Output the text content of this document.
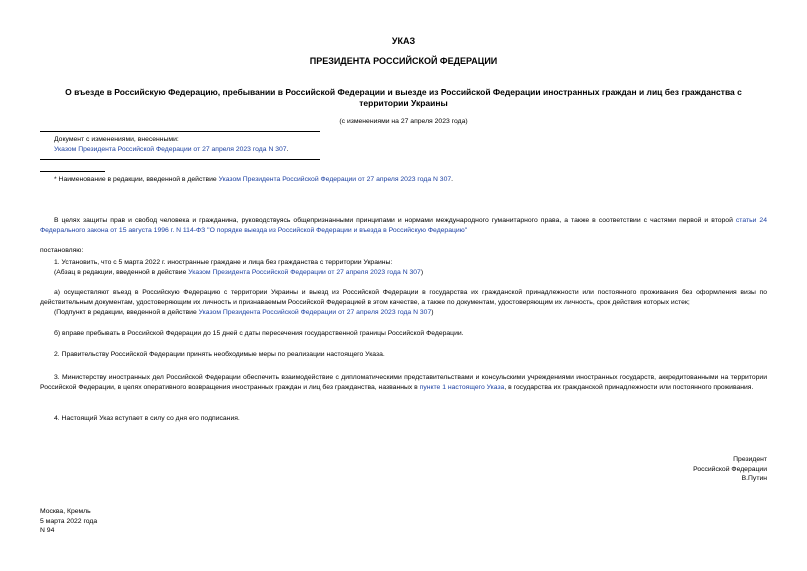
УКАЗ
ПРЕЗИДЕНТА РОССИЙСКОЙ ФЕДЕРАЦИИ
О въезде в Российскую Федерацию, пребывании в Российской Федерации и выезде из Российской Федерации иностранных граждан и лиц без гражданства с территории Украины
(с изменениями на 27 апреля 2023 года)
Документ с изменениями, внесенными:
Указом Президента Российской Федерации от 27 апреля 2023 года N 307.
* Наименование в редакции, введенной в действие Указом Президента Российской Федерации от 27 апреля 2023 года N 307.
В целях защиты прав и свобод человека и гражданина, руководствуясь общепризнанными принципами и нормами международного гуманитарного права, а также в соответствии с частями первой и второй статьи 24 Федерального закона от 15 августа 1996 г. N 114-ФЗ "О порядке выезда из Российской Федерации и въезда в Российскую Федерацию"
постановляю:
1. Установить, что с 5 марта 2022 г. иностранные граждане и лица без гражданства с территории Украины:
(Абзац в редакции, введенной в действие Указом Президента Российской Федерации от 27 апреля 2023 года N 307)
а) осуществляют въезд в Российскую Федерацию с территории Украины и выезд из Российской Федерации в государства их гражданской принадлежности или постоянного проживания без оформления визы по действительным документам, удостоверяющим их личность и признаваемым Российской Федерацией в этом качестве, а также по документам, удостоверяющим их личность, срок действия которых истек;
(Подпункт в редакции, введенной в действие Указом Президента Российской Федерации от 27 апреля 2023 года N 307)
б) вправе пребывать в Российской Федерации до 15 дней с даты пересечения государственной границы Российской Федерации.
2. Правительству Российской Федерации принять необходимые меры по реализации настоящего Указа.
3. Министерству иностранных дел Российской Федерации обеспечить взаимодействие с дипломатическими представительствами и консульскими учреждениями иностранных государств, аккредитованными на территории Российской Федерации, в целях оперативного возвращения иностранных граждан и лиц без гражданства, названных в пункте 1 настоящего Указа, в государства их гражданской принадлежности или постоянного проживания.
4. Настоящий Указ вступает в силу со дня его подписания.
Президент
Российской Федерации
В.Путин
Москва, Кремль
5 марта 2022 года
N 94
